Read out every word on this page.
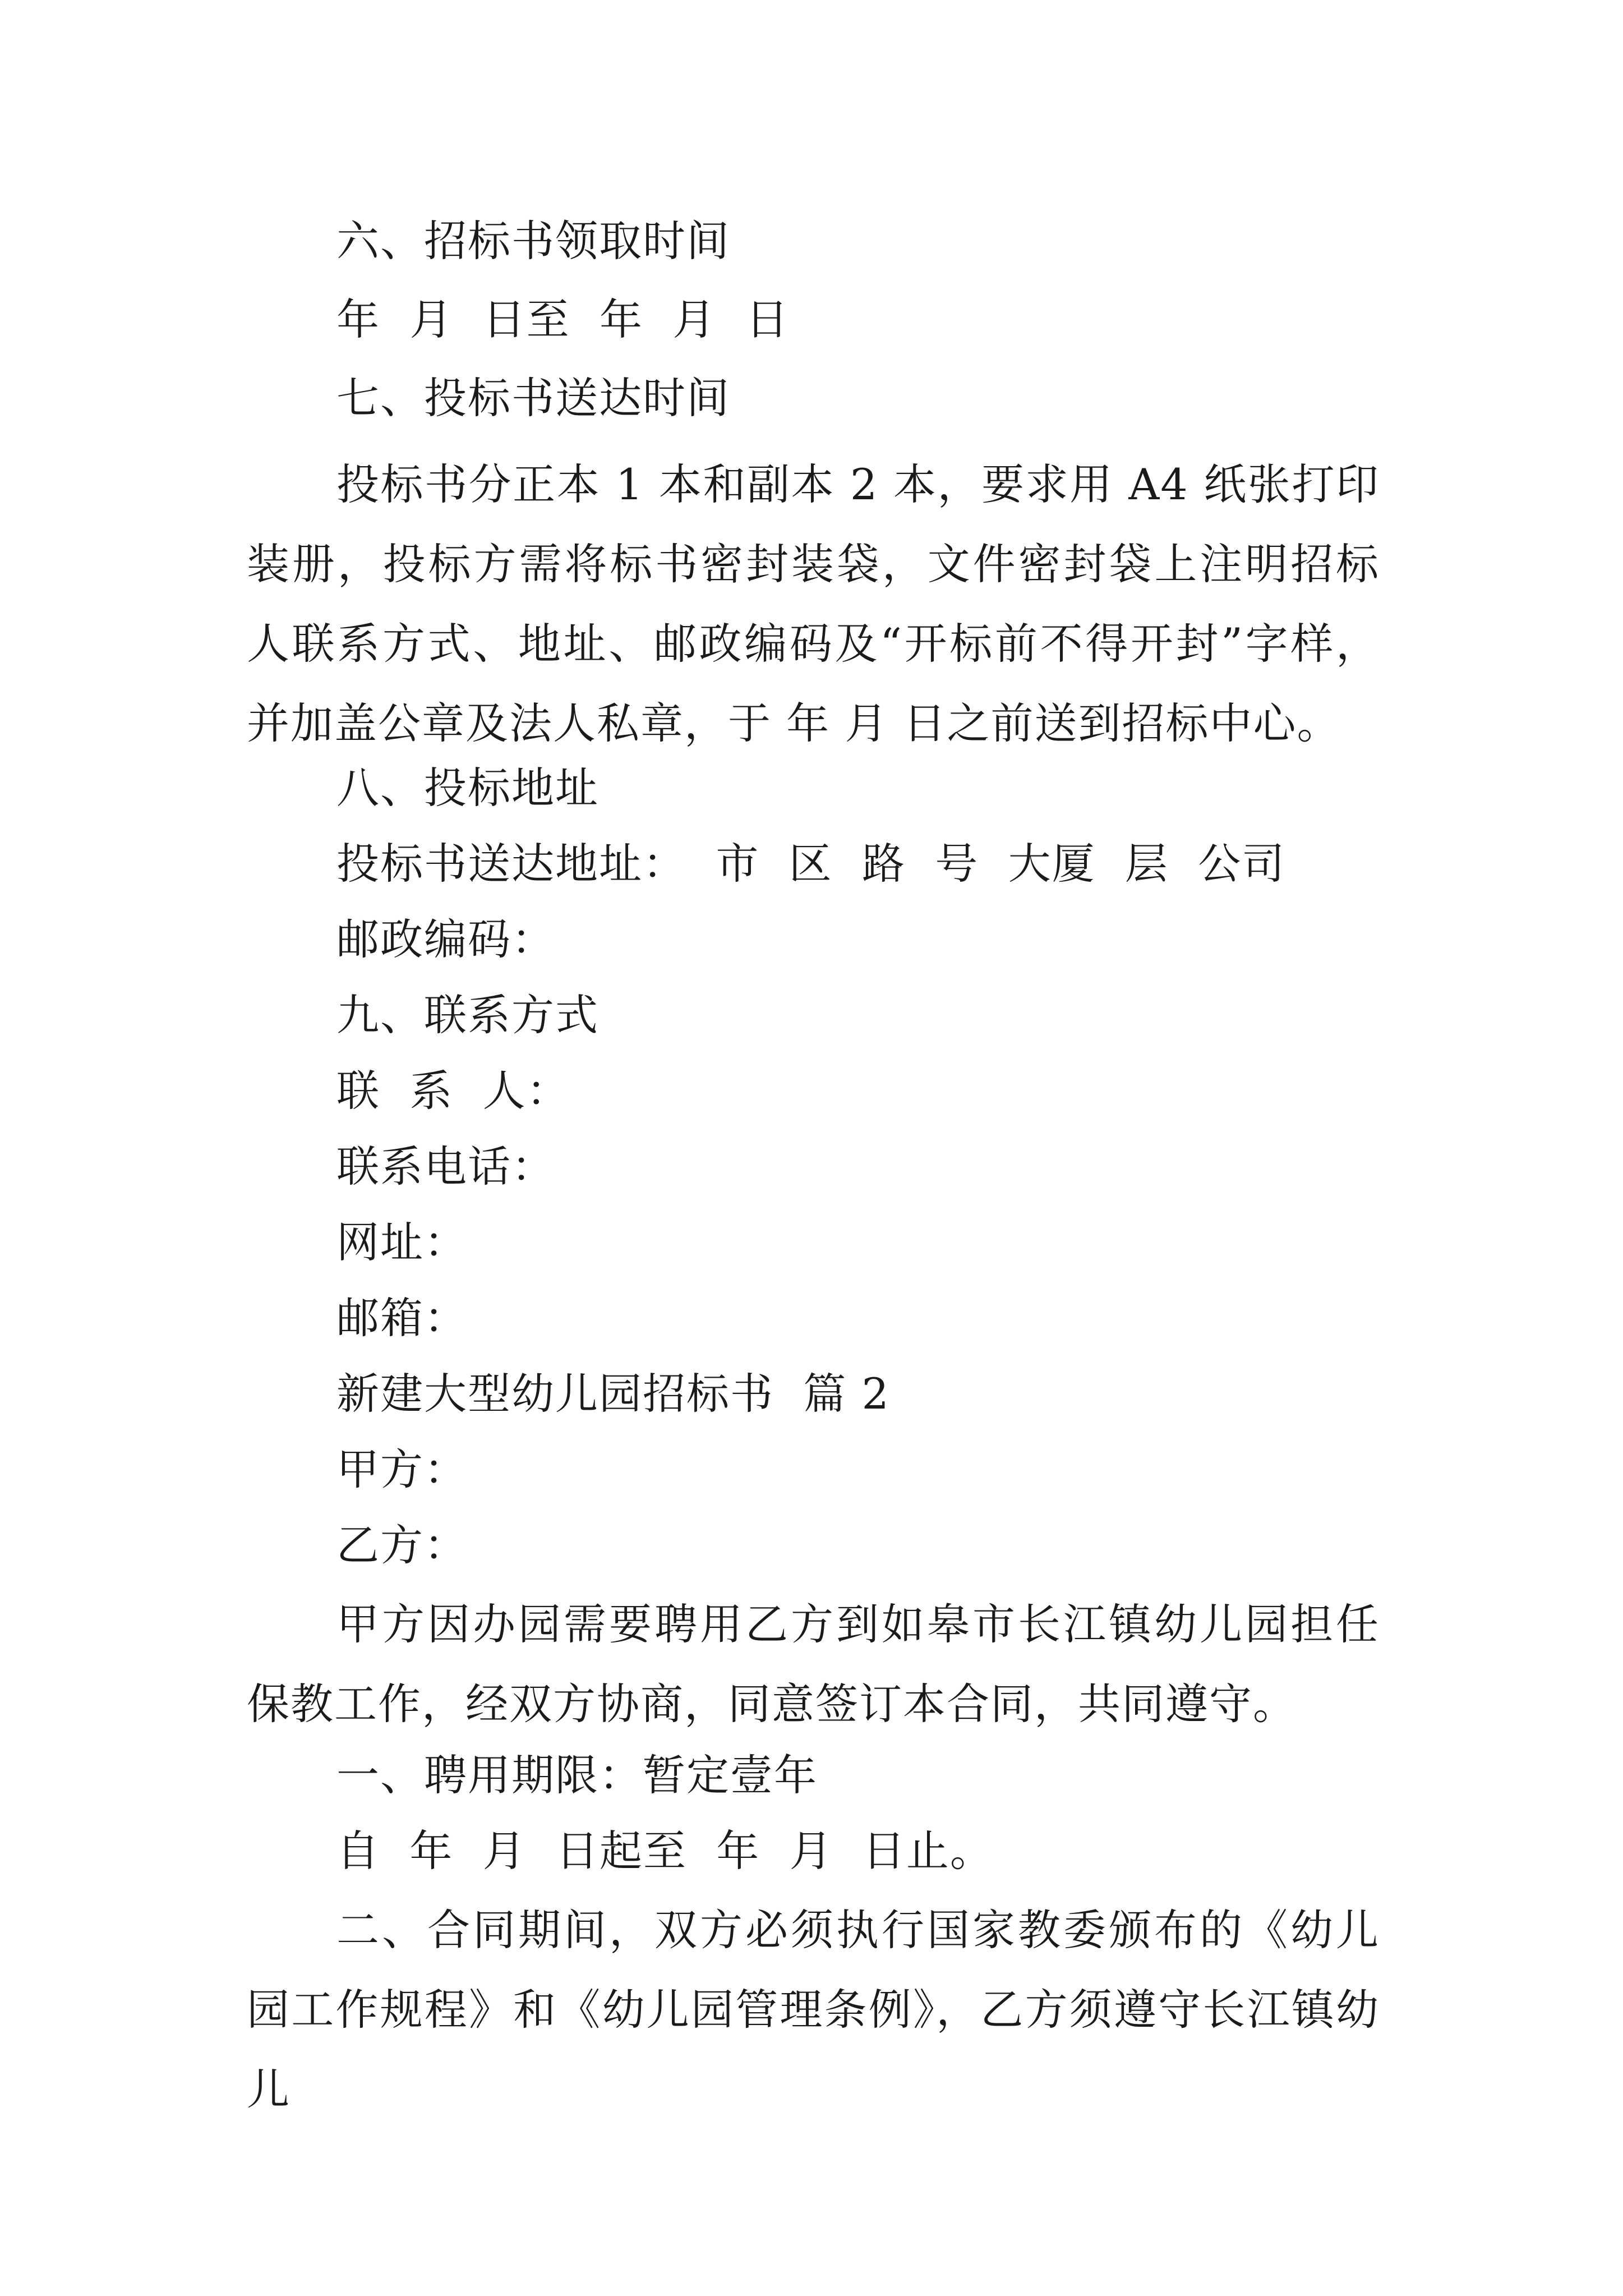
六、招标书领取时间
年  月  日至  年  月  日
七、投标书送达时间
投标书分正本 1 本和副本 2 本，要求用 A4 纸张打印装册，投标方需将标书密封装袋，文件密封袋上注明招标人联系方式、地址、邮政编码及“开标前不得开封”字样，并加盖公章及法人私章，于 年 月 日之前送到招标中心。
八、投标地址
投标书送达地址：  市  区  路  号  大厦  层  公司
邮政编码：
九、联系方式
联  系  人：
联系电话：
网址：
邮箱：
新建大型幼儿园招标书  篇 2
甲方：
乙方：
甲方因办园需要聘用乙方到如皋市长江镇幼儿园担任保教工作，经双方协商，同意签订本合同，共同遵守。
一、聘用期限：暂定壹年
自  年  月  日起至  年  月  日止。
二、合同期间，双方必须执行国家教委颁布的《幼儿园工作规程》和《幼儿园管理条例》，乙方须遵守长江镇幼儿
